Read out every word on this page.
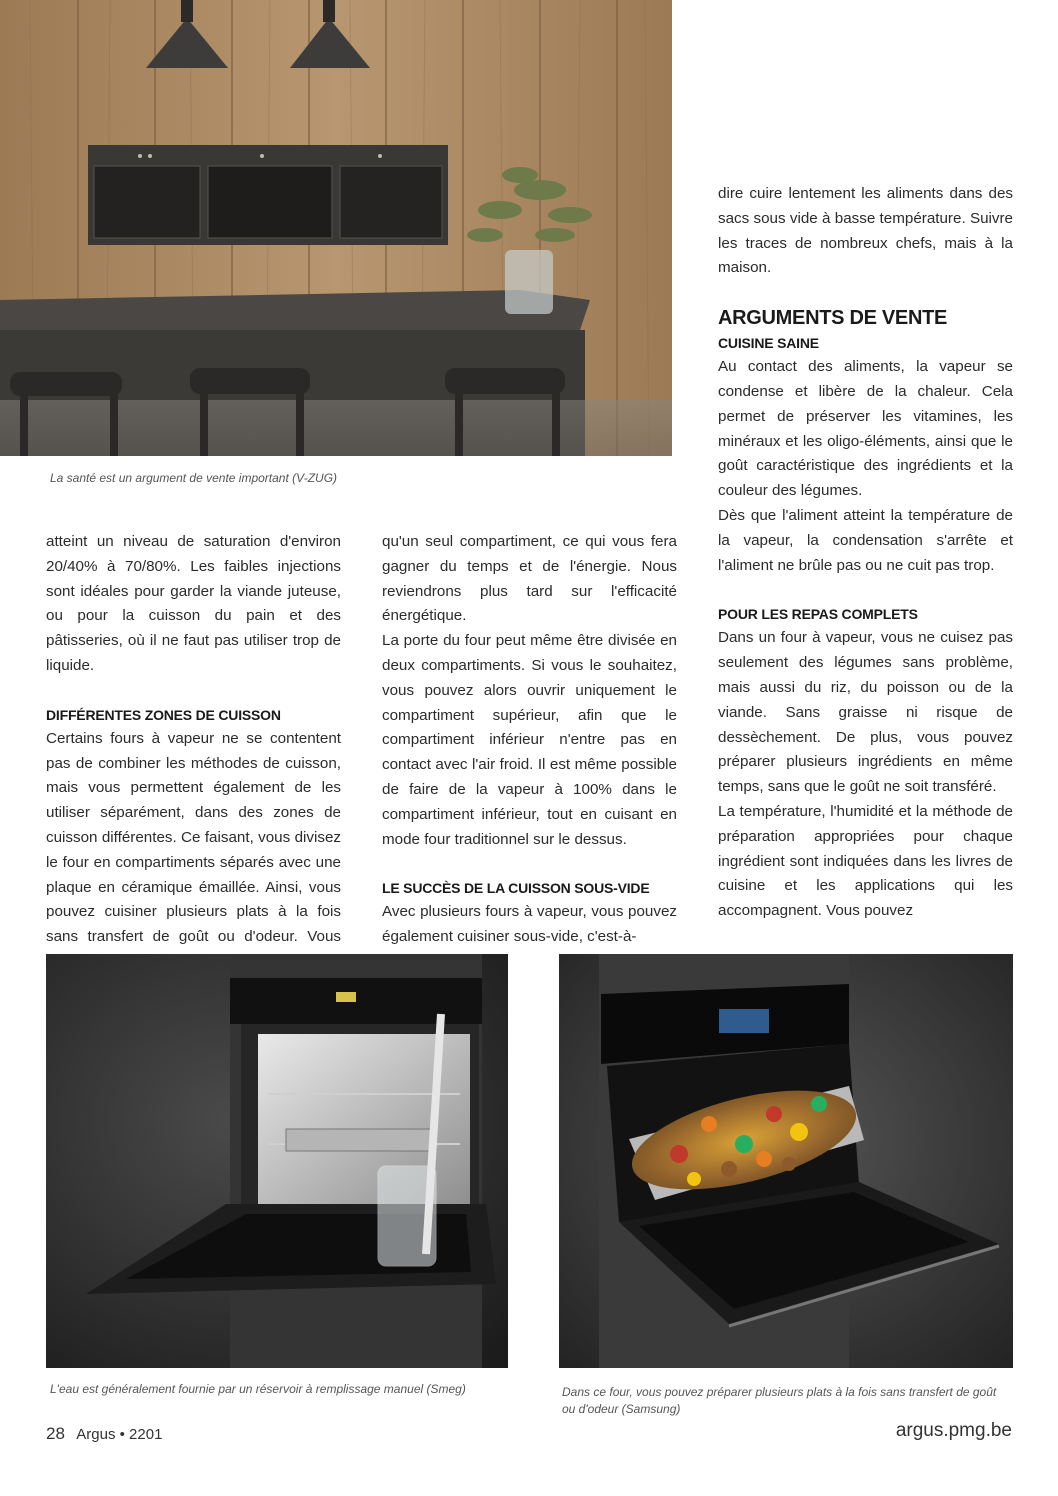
La santé est un argument de vente important (V-ZUG)

dire cuire lentement les aliments dans des sacs sous vide à basse température. Suivre les traces de nombreux chefs, mais à la maison.

ARGUMENTS DE VENTE

CUISINE SAINE

Au contact des aliments, la vapeur se condense et libère de la chaleur. Cela permet de préserver les vitamines, les minéraux et les oligo-éléments, ainsi que le goût caractéristique des ingrédients et la couleur des légumes.

Dès que l'aliment atteint la température de la vapeur, la condensation s'arrête et l'aliment ne brûle pas ou ne cuit pas trop.

POUR LES REPAS COMPLETS

Dans un four à vapeur, vous ne cuisez pas seulement des légumes sans problème, mais aussi du riz, du poisson ou de la viande. Sans graisse ni risque de dessèchement. De plus, vous pouvez préparer plusieurs ingrédients en même temps, sans que le goût ne soit transféré.

La température, l'humidité et la méthode de préparation appropriées pour chaque ingrédient sont indiquées dans les livres de cuisine et les applications qui les accompagnent. Vous pouvez

atteint un niveau de saturation d'environ 20/40% à 70/80%. Les faibles injections sont idéales pour garder la viande juteuse, ou pour la cuisson du pain et des pâtisseries, où il ne faut pas utiliser trop de liquide.

DIFFÉRENTES ZONES DE CUISSON

Certains fours à vapeur ne se contentent pas de combiner les méthodes de cuisson, mais vous permettent également de les utiliser séparément, dans des zones de cuisson différentes. Ce faisant, vous divisez le four en compartiments séparés avec une plaque en céramique émaillée. Ainsi, vous pouvez cuisiner plusieurs plats à la fois sans transfert de goût ou d'odeur. Vous

qu'un seul compartiment, ce qui vous fera gagner du temps et de l'énergie. Nous reviendrons plus tard sur l'efficacité énergétique.

La porte du four peut même être divisée en deux compartiments. Si vous le souhaitez, vous pouvez alors ouvrir uniquement le compartiment supérieur, afin que le compartiment inférieur n'entre pas en contact avec l'air froid. Il est même possible de faire de la vapeur à 100% dans le compartiment inférieur, tout en cuisant en mode four traditionnel sur le dessus.

LE SUCCÈS DE LA CUISSON SOUS-VIDE

Avec plusieurs fours à vapeur, vous pouvez également cuisiner sous-vide, c'est-à-

L'eau est généralement fournie par un réservoir à remplissage manuel (Smeg)	Dans ce four, vous pouvez préparer plusieurs plats à la fois sans transfert de goût ou d'odeur (Samsung)
28 Argus • 2201	argus.pmg.be
